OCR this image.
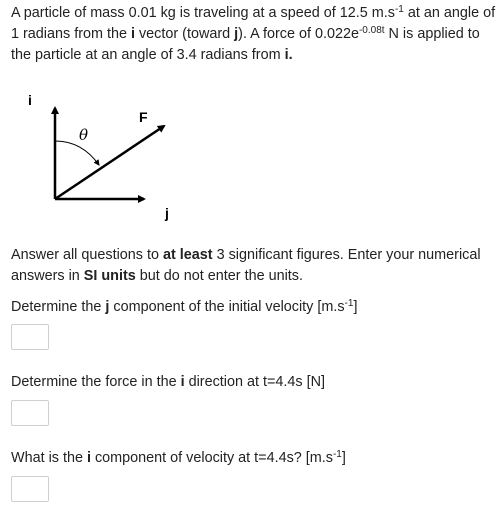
A particle of mass 0.01 kg is traveling at a speed of 12.5 $m.s^{-1}$ at an angle of 1 radians from the i vector (toward j). A force of $0.022e^{-0.08t}$ N is applied to the particle at an angle of 3.4 radians from i.

i
j
F
θ

Answer all questions to at least 3 significant figures. Enter your numerical answers in SI units but do not enter the units.

Determine the j component of the initial velocity $[m.s^{-1}]$

Determine the force in the i direction at t=4.4s [N]

What is the i component of velocity at t=4.4s? $[m.s^{-1}]$
